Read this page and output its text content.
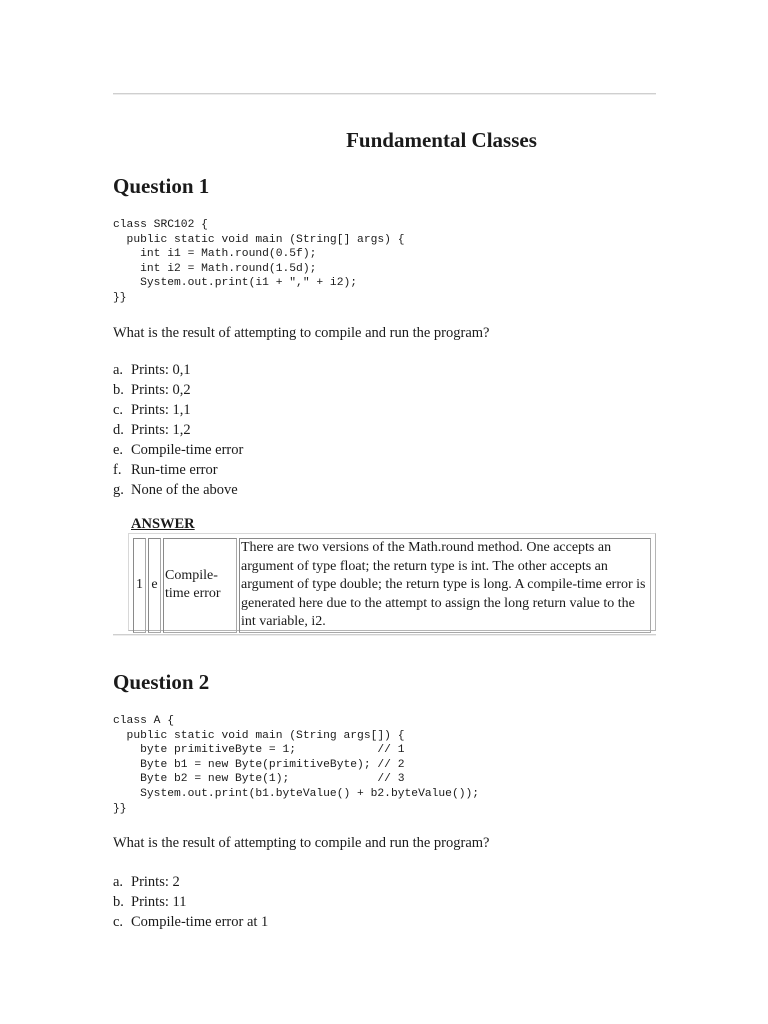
Fundamental Classes
Question 1
class SRC102 {
public static void main (String[] args) {
int i1 = Math.round(0.5f);
int i2 = Math.round(1.5d);
System.out.print(i1 + "," + i2);
}}

What is the result of attempting to compile and run the program?

a. Prints: 0,1
b. Prints: 0,2
c. Prints: 1,1
d. Prints: 1,2
e. Compile-time error
f. Run-time error
g. None of the above

ANSWER

1	e	Compile-time error	There are two versions of the Math.round method. One accepts an argument of type float; the return type is int. The other accepts an argument of type double; the return type is long. A compile-time error is generated here due to the attempt to assign the long return value to the int variable, i2.
Question 2
class A {
public static void main (String args[]) {
byte primitiveByte = 1;            // 1
Byte b1 = new Byte(primitiveByte); // 2
Byte b2 = new Byte(1);             // 3
System.out.print(b1.byteValue() + b2.byteValue());
}}

What is the result of attempting to compile and run the program?

a. Prints: 2
b. Prints: 11
c. Compile-time error at 1
